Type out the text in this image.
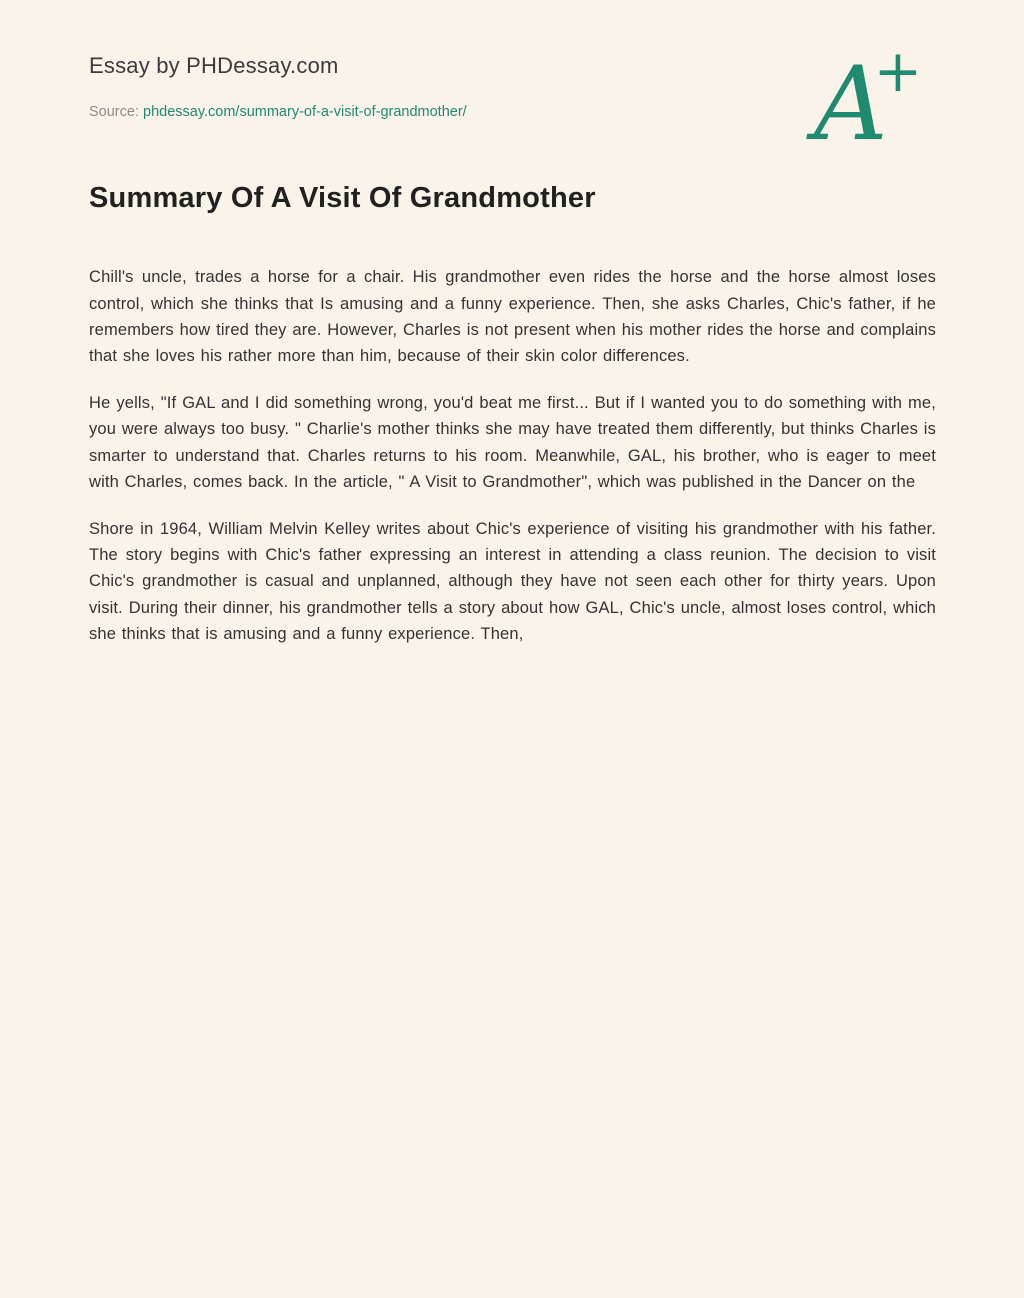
Essay by PHDessay.com
Source: phdessay.com/summary-of-a-visit-of-grandmother/	A+
Summary Of A Visit Of Grandmother

Chill's uncle, trades a horse for a chair. His grandmother even rides the horse and the horse almost loses control, which she thinks that Is amusing and a funny experience. Then, she asks Charles, Chic's father, if he remembers how tired they are. However, Charles is not present when his mother rides the horse and complains that she loves his rather more than him, because of their skin color differences.

He yells, "If GAL and I did something wrong, you'd beat me first... But if I wanted you to do something with me, you were always too busy. " Charlie's mother thinks she may have treated them differently, but thinks Charles is smarter to understand that. Charles returns to his room. Meanwhile, GAL, his brother, who is eager to meet with Charles, comes back. In the article, " A Visit to Grandmother", which was published in the Dancer on the

Shore in 1964, William Melvin Kelley writes about Chic's experience of visiting his grandmother with his father. The story begins with Chic's father expressing an interest in attending a class reunion. The decision to visit Chic's grandmother is casual and unplanned, although they have not seen each other for thirty years. Upon visit. During their dinner, his grandmother tells a story about how GAL, Chic's uncle, almost loses control, which she thinks that is amusing and a funny experience. Then,
